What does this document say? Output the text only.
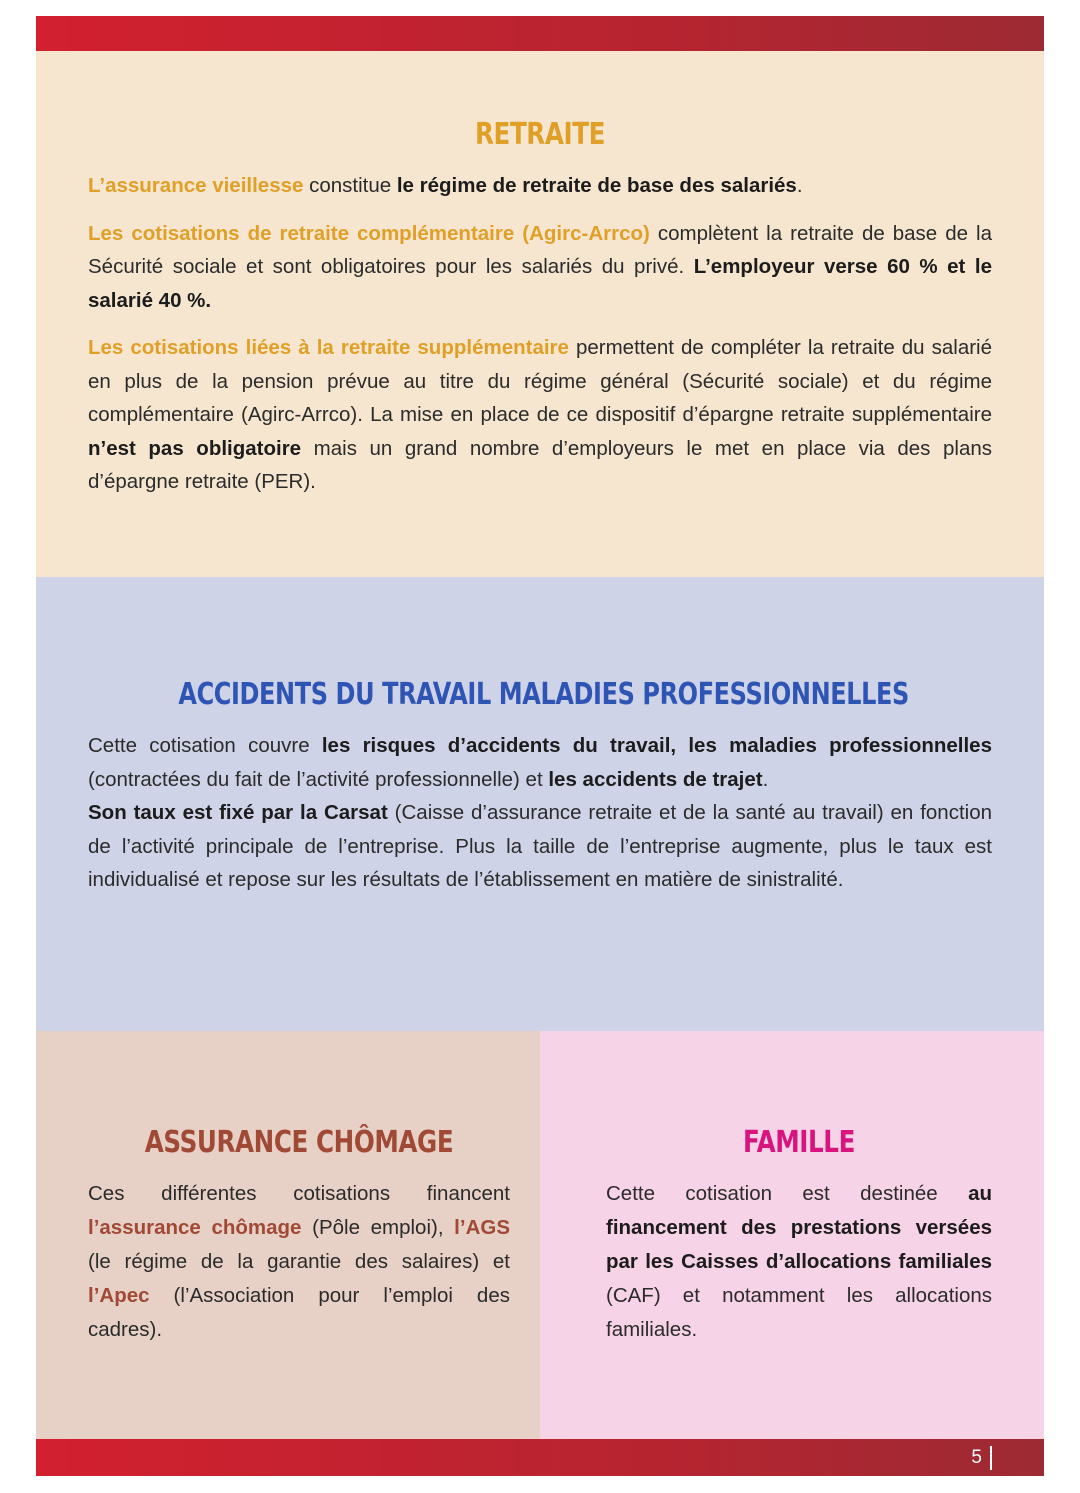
RETRAITE

L’assurance vieillesse constitue le régime de retraite de base des salariés.

Les cotisations de retraite complémentaire (Agirc-Arrco) complètent la retraite de base de la Sécurité sociale et sont obligatoires pour les salariés du privé. L’employeur verse 60 % et le salarié 40 %.

Les cotisations liées à la retraite supplémentaire permettent de compléter la retraite du salarié en plus de la pension prévue au titre du régime général (Sécurité sociale) et du régime complémentaire (Agirc-Arrco). La mise en place de ce dispositif d’épargne retraite supplémentaire n’est pas obligatoire mais un grand nombre d’employeurs le met en place via des plans d’épargne retraite (PER).

ACCIDENTS DU TRAVAIL MALADIES PROFESSIONNELLES

Cette cotisation couvre les risques d’accidents du travail, les maladies professionnelles (contractées du fait de l’activité professionnelle) et les accidents de trajet.

Son taux est fixé par la Carsat (Caisse d’assurance retraite et de la santé au travail) en fonction de l’activité principale de l’entreprise. Plus la taille de l’entreprise augmente, plus le taux est individualisé et repose sur les résultats de l’établissement en matière de sinistralité.

ASSURANCE CHÔMAGE

Ces différentes cotisations financent l’assurance chômage (Pôle emploi), l’AGS (le régime de la garantie des salaires) et l’Apec (l’Association pour l’emploi des cadres).

FAMILLE

Cette cotisation est destinée au financement des prestations versées par les Caisses d’allocations familiales (CAF) et notamment les allocations familiales.

5
